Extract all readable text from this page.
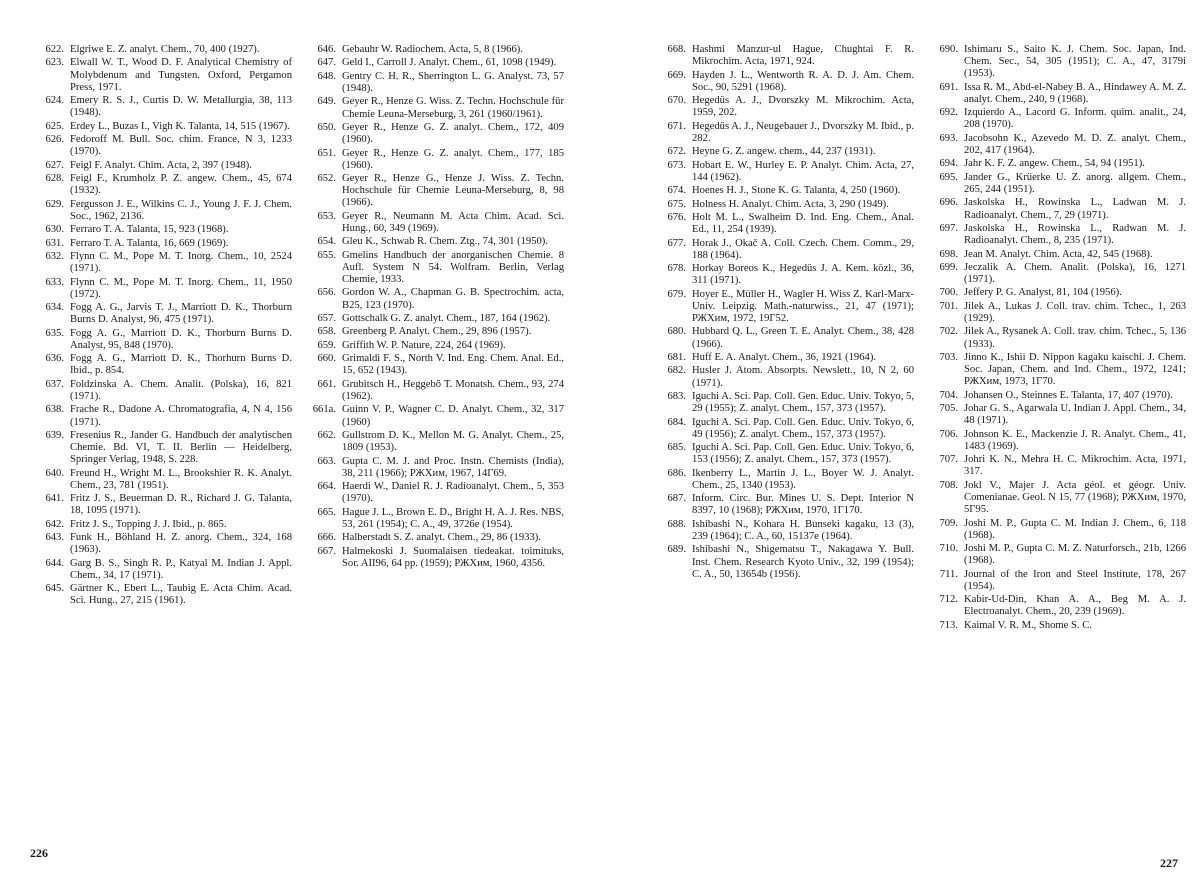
622. Elgriwe E. Z. analyt. Chem., 70, 400 (1927).
623. Elwall W. T., Wood D. F. Analytical Chemistry of Molybdenum and Tungsten. Oxford, Pergamon Press, 1971.
624. Emery R. S. J., Curtis D. W. Metallurgia, 38, 113 (1948).
625. Erdey L., Buzas I., Vigh K. Talanta, 14, 515 (1967).
626. Fedoroff M. Bull. Soc. chim. France, N 3, 1233 (1970).
627. Feigl F. Analyt. Chim. Acta, 2, 397 (1948).
628. Feigl F., Krumholz P. Z. angew. Chem., 45, 674 (1932).
629. Fergusson J. E., Wilkins C. J., Young J. F. J. Chem. Soc., 1962, 2136.
630. Ferraro T. A. Talanta, 15, 923 (1968).
631. Ferraro T. A. Talanta, 16, 669 (1969).
632. Flynn C. M., Pope M. T. Inorg. Chem., 10, 2524 (1971).
633. Flynn C. M., Pope M. T. Inorg. Chem., 11, 1950 (1972).
634. Fogg A. G., Jarvis T. J., Marriott D. K., Thorburn Burns D. Analyst, 96, 475 (1971).
635. Fogg A. G., Marriott D. K., Thorburn Burns D. Analyst, 95, 848 (1970).
636. Fogg A. G., Marriott D. K., Thorhurn Burns D. Ibid., p. 854.
637. Foldzinska A. Chem. Analit. (Polska), 16, 821 (1971).
638. Frache R., Dadone A. Chromatografia, 4, N 4, 156 (1971).
639. Fresenius R., Jander G. Handbuch der analytischen Chemie. Bd. VI, T. II. Berlin — Heidelberg, Springer Verlag, 1948, S. 228.
640. Freund H., Wright M. L., Brookshier R. K. Analyt. Chem., 23, 781 (1951).
641. Fritz J. S., Beuerman D. R., Richard J. G. Talanta, 18, 1095 (1971).
642. Fritz J. S., Topping J. J. Ibid., p. 865.
643. Funk H., Böhland H. Z. anorg. Chem., 324, 168 (1963).
644. Garg B. S., Singh R. P., Katyal M. Indian J. Appl. Chem., 34, 17 (1971).
645. Gärtner K., Ebert L., Taubig E. Acta Chim. Acad. Sci. Hung., 27, 215 (1961).
646. Gebauhr W. Radiochem. Acta, 5, 8 (1966).
647. Geld I., Carroll J. Analyt. Chem., 61, 1098 (1949).
648. Gentry C. H. R., Sherrington L. G. Analyst. 73, 57 (1948).
649. Geyer R., Henze G. Wiss. Z. Techn. Hochschule für Chemie Leuna-Merseburg, 3, 261 (1960/1961).
650. Geyer R., Henze G. Z. analyt. Chem., 172, 409 (1960).
651. Geyer R., Henze G. Z. analyt. Chem., 177, 185 (1960).
652. Geyer R., Henze G., Henze J. Wiss. Z. Techn. Hochschule für Chemie Leuna-Merseburg, 8, 98 (1966).
653. Geyer R., Neumann M. Acta Chim. Acad. Sci. Hung., 60, 349 (1969).
654. Gleu K., Schwab R. Chem. Ztg., 74, 301 (1950).
655. Gmelins Handbuch der anorganischen Chemie. 8 Aufl. System N 54. Wolfram. Berlin, Verlag Chemie, 1933.
656. Gordon W. A., Chapman G. B. Spectrochim. acta, B25, 123 (1970).
657. Gottschalk G. Z. analyt. Chem., 187, 164 (1962).
658. Greenberg P. Analyt. Chem., 29, 896 (1957).
659. Griffith W. P. Nature, 224, 264 (1969).
660. Grimaldi F. S., North V. Ind. Eng. Chem. Anal. Ed., 15, 652 (1943).
661. Grubitsch H., Heggebö T. Monatsh. Chem., 93, 274 (1962).
661a. Guinn V. P., Wagner C. D. Analyt. Chem., 32, 317 (1960)
662. Gullstrom D. K., Mellon M. G. Analyt. Chem., 25, 1809 (1953).
663. Gupta C. M. J. and Proc. Instn. Chemists (India), 38, 211 (1966); РЖХим, 1967, 14Г69.
664. Haerdi W., Daniel R. J. Radioanalyt. Chem., 5, 353 (1970).
665. Hague J. L., Brown E. D., Bright H. A. J. Res. NBS, 53, 261 (1954); C. A., 49, 3726e (1954).
666. Halberstadt S. Z. analyt. Chem., 29, 86 (1933).
667. Halmekoski J. Suomalaisen tiedeakat. toimituks, Sor. AII96, 64 pp. (1959); РЖХим, 1960, 4356.
668. Hashmi Manzur-ul Hague, Chughtai F. R. Mikrochim. Acta, 1971, 924.
669. Hayden J. L., Wentworth R. A. D. J. Am. Chem. Soc., 90, 5291 (1968).
670. Hegedüs A. J., Dvorszky M. Mikrochim. Acta, 1959, 202.
671. Hegedüs A. J., Neugebauer J., Dvorszky M. Ibid., p. 282.
672. Heyne G. Z. angew. chem., 44, 237 (1931).
673. Hobart E. W., Hurley E. P. Analyt. Chim. Acta, 27, 144 (1962).
674. Hoenes H. J., Stone K. G. Talanta, 4, 250 (1960).
675. Holness H. Analyt. Chim. Acta, 3, 290 (1949).
676. Holt M. L., Swalheim D. Ind. Eng. Chem., Anal. Ed., 11, 254 (1939).
677. Horak J., Okač A. Coll. Czech. Chem. Comm., 29, 188 (1964).
678. Horkay Boreos K., Hegedüs J. A. Kem. közl., 36, 311 (1971).
679. Hoyer E., Müller H., Wagler H. Wiss Z. Karl-Marx-Univ. Leipzig. Math.-naturwiss., 21, 47 (1971); РЖХим, 1972, 19Г52.
680. Hubbard Q. L., Green T. E. Analyt. Chem., 38, 428 (1966).
681. Huff E. A. Analyt. Chem., 36, 1921 (1964).
682. Husler J. Atom. Absorpts. Newslett., 10, N 2, 60 (1971).
683. Iguchi A. Sci. Pap. Coll. Gen. Educ. Univ. Tokyo, 5, 29 (1955); Z. analyt. Chem., 157, 373 (1957).
684. Iguchi A. Sci. Pap. Coll. Gen. Educ. Univ. Tokyo, 6, 49 (1956); Z. analyt. Chem., 157, 373 (1957).
685. Iguchi A. Sci. Pap. Coll. Gen. Educ. Univ. Tokyo, 6, 153 (1956); Z. analyt. Chem., 157, 373 (1957).
686. Ikenberry L., Martin J. L., Boyer W. J. Analyt. Chem., 25, 1340 (1953).
687. Inform. Circ. Bur. Mines U. S. Dept. Interior N 8397, 10 (1968); РЖХим, 1970, 1Г170.
688. Ishibashi N., Kohara H. Bunseki kagaku, 13 (3), 239 (1964); C. A., 60, 15137e (1964).
689. Ishibashi N., Shigematsu T., Nakagawa Y. Bull. Inst. Chem. Research Kyoto Univ., 32, 199 (1954); C. A., 50, 13654b (1956).
690. Ishimaru S., Saito K. J. Chem. Soc. Japan, Ind. Chem. Sec., 54, 305 (1951); C. A., 47, 3179i (1953).
691. Issa R. M., Abd-el-Nabey B. A., Hindawey A. M. Z. analyt. Chem., 240, 9 (1968).
692. Izquierdo A., Lacord G. Inform. quim. analit., 24, 208 (1970).
693. Jacobsohn K., Azevedo M. D. Z. analyt. Chem., 202, 417 (1964).
694. Jahr K. F. Z. angew. Chem., 54, 94 (1951).
695. Jander G., Krüerke U. Z. anorg. allgem. Chem., 265, 244 (1951).
696. Jaskolska H., Rowinska L., Ladwan M. J. Radioanalyt. Chem., 7, 29 (1971).
697. Jaskolska H., Rowinska L., Radwan M. J. Radioanalyt. Chem., 8, 235 (1971).
698. Jean M. Analyt. Chim. Acta, 42, 545 (1968).
699. Jeczalik A. Chem. Analit. (Polska), 16, 1271 (1971).
700. Jeffery P. G. Analyst, 81, 104 (1956).
701. Jilek A., Lukas J. Coll. trav. chim. Tchec., 1, 263 (1929).
702. Jilek A., Rysanek A. Coll. trav. chim. Tchec., 5, 136 (1933).
703. Jinno K., Ishii D. Nippon kagaku kaischi. J. Chem. Soc. Japan, Chem. and Ind. Chem., 1972, 1241; РЖХим, 1973, 1Г70.
704. Johansen O., Steinnes E. Talanta, 17, 407 (1970).
705. Johar G. S., Agarwala U. Indian J. Appl. Chem., 34, 48 (1971).
706. Johnson K. E., Mackenzie J. R. Analyt. Chem., 41, 1483 (1969).
707. Johri K. N., Mehra H. C. Mikrochim. Acta, 1971, 317.
708. Jokl V., Majer J. Acta géol. et géogr. Univ. Comenianae. Geol. N 15, 77 (1968); РЖХим, 1970, 5Г95.
709. Joshi M. P., Gupta C. M. Indian J. Chem., 6, 118 (1968).
710. Joshi M. P., Gupta C. M. Z. Naturforsch., 21b, 1266 (1968).
711. Journal of the Iron and Steel Institute, 178, 267 (1954).
712. Kabir-Ud-Din, Khan A. A., Beg M. A. J. Electroanalyt. Chem., 20, 239 (1969).
713. Kaimal V. R. M., Shome S. C.
226
227
